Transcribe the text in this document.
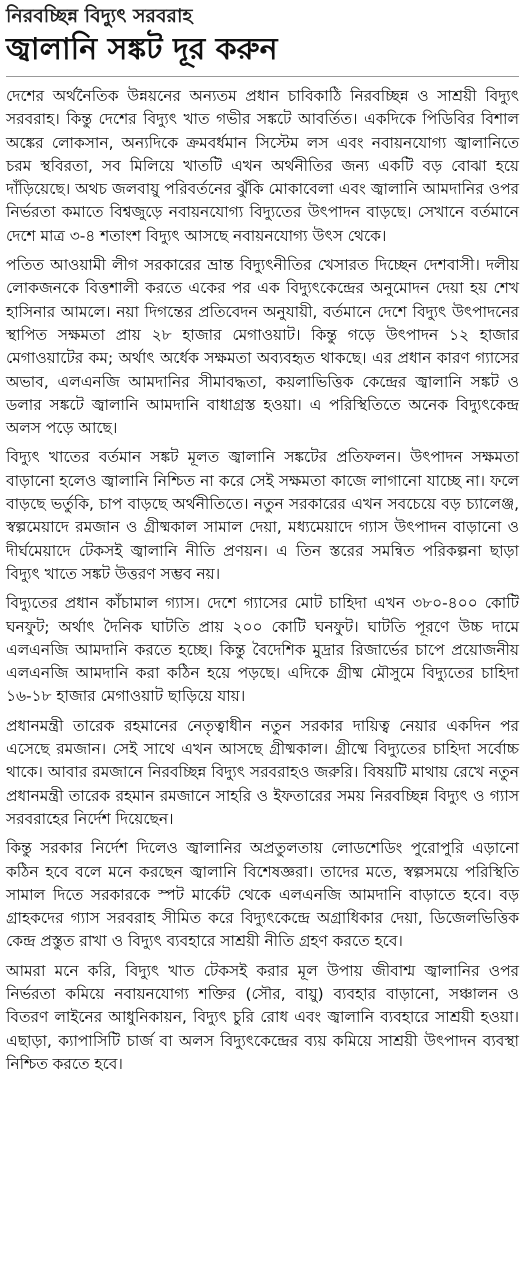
নিরবচ্ছিন্ন বিদ্যুৎ সরবরাহ

জ্বালানি সঙ্কট দূর করুন

দেশের অর্থনৈতিক উন্নয়নের অন্যতম প্রধান চাবিকাঠি নিরবচ্ছিন্ন ও সাশ্রয়ী বিদ্যুৎ সরবরাহ। কিন্তু দেশের বিদ্যুৎ খাত গভীর সঙ্কটে আবর্তিত। একদিকে পিডিবির বিশাল অঙ্কের লোকসান, অন্যদিকে ক্রমবর্ধমান সিস্টেম লস এবং নবায়নযোগ্য জ্বালানিতে চরম স্থবিরতা, সব মিলিয়ে খাতটি এখন অর্থনীতির জন্য একটি বড় বোঝা হয়ে দাঁড়িয়েছে। অথচ জলবায়ু পরিবর্তনের ঝুঁকি মোকাবেলা এবং জ্বালানি আমদানির ওপর নির্ভরতা কমাতে বিশ্বজুড়ে নবায়নযোগ্য বিদ্যুতের উৎপাদন বাড়ছে। সেখানে বর্তমানে দেশে মাত্র ৩-৪ শতাংশ বিদ্যুৎ আসছে নবায়নযোগ্য উৎস থেকে।

পতিত আওয়ামী লীগ সরকারের ভ্রান্ত বিদ্যুৎনীতির খেসারত দিচ্ছেন দেশবাসী। দলীয় লোকজনকে বিত্তশালী করতে একের পর এক বিদ্যুৎকেন্দ্রের অনুমোদন দেয়া হয় শেখ হাসিনার আমলে। নয়া দিগন্তের প্রতিবেদন অনুযায়ী, বর্তমানে দেশে বিদ্যুৎ উৎপাদনের স্থাপিত সক্ষমতা প্রায় ২৮ হাজার মেগাওয়াট। কিন্তু গড়ে উৎপাদন ১২ হাজার মেগাওয়াটের কম; অর্থাৎ অর্ধেক সক্ষমতা অব্যবহৃত থাকছে। এর প্রধান কারণ গ্যাসের অভাব, এলএনজি আমদানির সীমাবদ্ধতা, কয়লাভিত্তিক কেন্দ্রের জ্বালানি সঙ্কট ও ডলার সঙ্কটে জ্বালানি আমদানি বাধাগ্রস্ত হওয়া। এ পরিস্থিতিতে অনেক বিদ্যুৎকেন্দ্র অলস পড়ে আছে।

বিদ্যুৎ খাতের বর্তমান সঙ্কট মূলত জ্বালানি সঙ্কটের প্রতিফলন। উৎপাদন সক্ষমতা বাড়ানো হলেও জ্বালানি নিশ্চিত না করে সেই সক্ষমতা কাজে লাগানো যাচ্ছে না। ফলে বাড়ছে ভর্তুকি, চাপ বাড়ছে অর্থনীতিতে। নতুন সরকারের এখন সবচেয়ে বড় চ্যালেঞ্জ, স্বল্পমেয়াদে রমজান ও গ্রীষ্মকাল সামাল দেয়া, মধ্যমেয়াদে গ্যাস উৎপাদন বাড়ানো ও দীর্ঘমেয়াদে টেকসই জ্বালানি নীতি প্রণয়ন। এ তিন স্তরের সমন্বিত পরিকল্পনা ছাড়া বিদ্যুৎ খাতে সঙ্কট উত্তরণ সম্ভব নয়।

বিদ্যুতের প্রধান কাঁচামাল গ্যাস। দেশে গ্যাসের মোট চাহিদা এখন ৩৮০-৪০০ কোটি ঘনফুট; অর্থাৎ দৈনিক ঘাটতি প্রায় ২০০ কোটি ঘনফুট। ঘাটতি পূরণে উচ্চ দামে এলএনজি আমদানি করতে হচ্ছে। কিন্তু বৈদেশিক মুদ্রার রিজার্ভের চাপে প্রয়োজনীয় এলএনজি আমদানি করা কঠিন হয়ে পড়ছে। এদিকে গ্রীষ্ম মৌসুমে বিদ্যুতের চাহিদা ১৬-১৮ হাজার মেগাওয়াট ছাড়িয়ে যায়।

প্রধানমন্ত্রী তারেক রহমানের নেতৃত্বাধীন নতুন সরকার দায়িত্ব নেয়ার একদিন পর এসেছে রমজান। সেই সাথে এখন আসছে গ্রীষ্মকাল। গ্রীষ্মে বিদ্যুতের চাহিদা সর্বোচ্চ থাকে। আবার রমজানে নিরবচ্ছিন্ন বিদ্যুৎ সরবরাহও জরুরি। বিষয়টি মাথায় রেখে নতুন প্রধানমন্ত্রী তারেক রহমান রমজানে সাহরি ও ইফতারের সময় নিরবচ্ছিন্ন বিদ্যুৎ ও গ্যাস সরবরাহের নির্দেশ দিয়েছেন।

কিন্তু সরকার নির্দেশ দিলেও জ্বালানির অপ্রতুলতায় লোডশেডিং পুরোপুরি এড়ানো কঠিন হবে বলে মনে করছেন জ্বালানি বিশেষজ্ঞরা। তাদের মতে, স্বল্পসময়ে পরিস্থিতি সামাল দিতে সরকারকে স্পট মার্কেট থেকে এলএনজি আমদানি বাড়াতে হবে। বড় গ্রাহকদের গ্যাস সরবরাহ সীমিত করে বিদ্যুৎকেন্দ্রে অগ্রাধিকার দেয়া, ডিজেলভিত্তিক কেন্দ্র প্রস্তুত রাখা ও বিদ্যুৎ ব্যবহারে সাশ্রয়ী নীতি গ্রহণ করতে হবে।

আমরা মনে করি, বিদ্যুৎ খাত টেকসই করার মূল উপায় জীবাশ্ম জ্বালানির ওপর নির্ভরতা কমিয়ে নবায়নযোগ্য শক্তির (সৌর, বায়ু) ব্যবহার বাড়ানো, সঞ্চালন ও বিতরণ লাইনের আধুনিকায়ন, বিদ্যুৎ চুরি রোধ এবং জ্বালানি ব্যবহারে সাশ্রয়ী হওয়া। এছাড়া, ক্যাপাসিটি চার্জ বা অলস বিদ্যুৎকেন্দ্রের ব্যয় কমিয়ে সাশ্রয়ী উৎপাদন ব্যবস্থা নিশ্চিত করতে হবে।
